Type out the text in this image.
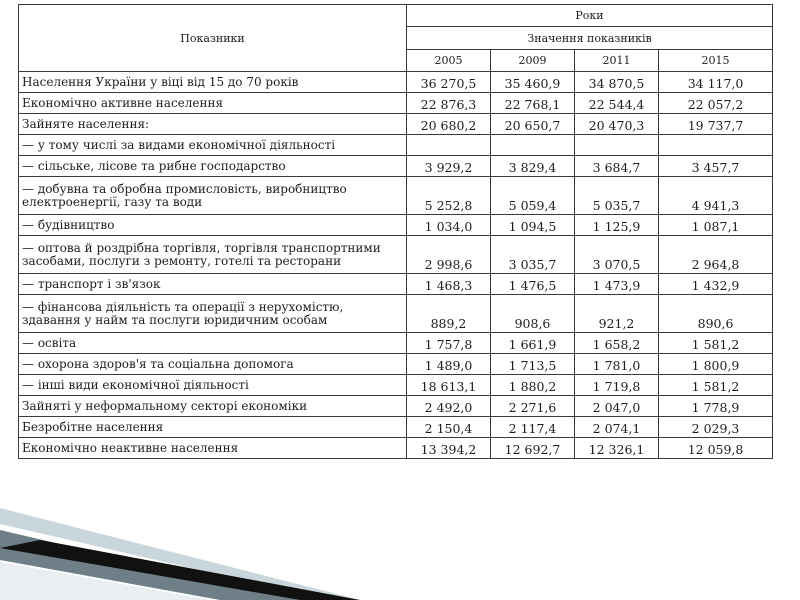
Показники	Роки			
	Значення показників			
	2005	2009	2011	2015
Населення України у віці від 15 до 70 років	36 270,5	35 460,9	34 870,5	34 117,0
Економічно активне населення	22 876,3	22 768,1	22 544,4	22 057,2
Зайняте населення:	20 680,2	20 650,7	20 470,3	19 737,7
— у тому числі за видами економічної діяльності				
— сільське, лісове та рибне господарство	3 929,2	3 829,4	3 684,7	3 457,7
— добувна та обробна промисловість, виробництво електроенергії, газу та води	5 252,8	5 059,4	5 035,7	4 941,3
— будівництво	1 034,0	1 094,5	1 125,9	1 087,1
— оптова й роздрібна торгівля, торгівля транспортними засобами, послуги з ремонту, готелі та ресторани	2 998,6	3 035,7	3 070,5	2 964,8
— транспорт і зв'язок	1 468,3	1 476,5	1 473,9	1 432,9
— фінансова діяльність та операції з нерухомістю, здавання у найм та послуги юридичним особам	889,2	908,6	921,2	890,6
— освіта	1 757,8	1 661,9	1 658,2	1 581,2
— охорона здоров'я та соціальна допомога	1 489,0	1 713,5	1 781,0	1 800,9
— інші види економічної діяльності	18 613,1	1 880,2	1 719,8	1 581,2
Зайняті у неформальному секторі економіки	2 492,0	2 271,6	2 047,0	1 778,9
Безробітне населення	2 150,4	2 117,4	2 074,1	2 029,3
Економічно неактивне населення	13 394,2	12 692,7	12 326,1	12 059,8
